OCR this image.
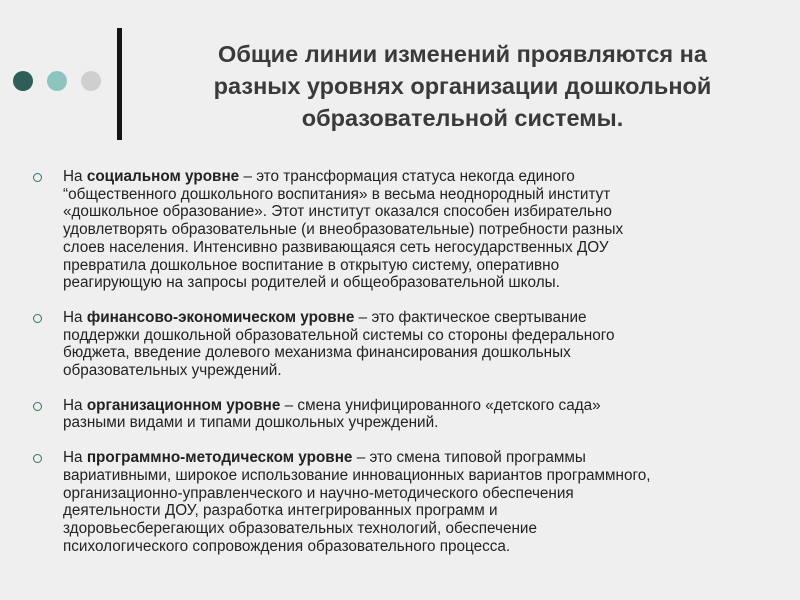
Общие линии изменений проявляются на
разных уровнях организации дошкольной
образовательной системы.
На социальном уровне – это трансформация статуса некогда единого
“общественного дошкольного воспитания» в весьма неоднородный институт
«дошкольное образование». Этот институт оказался способен избирательно
удовлетворять образовательные (и внеобразовательные) потребности разных
слоев населения. Интенсивно развивающаяся сеть негосударственных ДОУ
превратила дошкольное воспитание в открытую систему, оперативно
реагирующую на запросы родителей и общеобразовательной школы.
На финансово-экономическом уровне – это фактическое свертывание
поддержки дошкольной образовательной системы со стороны федерального
бюджета, введение долевого механизма финансирования дошкольных
образовательных учреждений.
На организационном уровне – смена унифицированного «детского сада»
разными видами и типами дошкольных учреждений.
На программно-методическом уровне – это смена типовой программы
вариативными, широкое использование инновационных вариантов программного,
организационно-управленческого и научно-методического обеспечения
деятельности ДОУ, разработка интегрированных программ и
здоровьесберегающих образовательных технологий, обеспечение
психологического сопровождения образовательного процесса.
